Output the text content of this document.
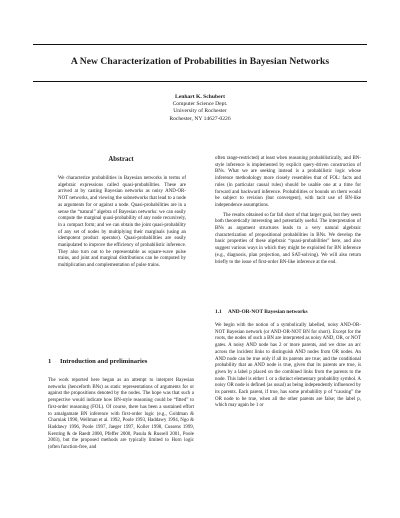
A New Characterization of Probabilities in Bayesian Networks
Lenhart K. Schubert
Computer Science Dept.
University of Rochester
Rochester, NY 14627-0226
Abstract

We characterize probabilities in Bayesian networks in terms of algebraic expressions called quasi-probabilities. These are arrived at by casting Bayesian networks as noisy AND-OR-NOT networks, and viewing the subnetworks that lead to a node as arguments for or against a node. Quasi-probabilities are in a sense the “natural” algebra of Bayesian networks: we can easily compute the marginal quasi-probability of any node recursively, in a compact form; and we can obtain the joint quasi-probability of any set of nodes by multiplying their marginals (using an idempotent product operator). Quasi-probabilities are easily manipulated to improve the efficiency of probabilistic inference. They also turn out to be representable as square-wave pulse trains, and joint and marginal distributions can be computed by multiplication and complementation of pulse trains.

1 Introduction and preliminaries

The work reported here began as an attempt to interpret Bayesian networks (henceforth BNs) as static representations of arguments for or against the propositions denoted by the nodes. The hope was that such a perspective would indicate how BN-style reasoning could be “fitted” to first-order reasoning (FOL). Of course, there has been a sustained effort to amalgamate BN inference with first-order logic (e.g., Goldman & Charniak 1990, Wellman et al. 1992, Poole 1993, Haddawy 1994, Ngo & Haddawy 1996, Poole 1997, Jaeger 1997, Koller 1998, Cussens 1999, Kersting & de Raedt 2000, Pfeffer 2000, Pasula & Russell 2001, Poole 2003), but the proposed methods are typically limited to Horn logic (often function-free, and

often range-restricted) at least when reasoning probabilistically, and BN-style inference is implemented by explicit query-driven construction of BNs. What we are seeking instead is a probabilistic logic whose inference methodology more closely resembles that of FOL: facts and rules (in particular causal rules) should be usable one at a time for forward and backward inference. Probabilities or bounds on them would be subject to revision (but convergent), with tacit use of BN-like independence assumptions.

The results obtained so far fall short of that larger goal, but they seem both theoretically interesting and potentially useful. The interpretation of BNs as argument structures leads to a very natural algebraic characterization of propositional probabilities in BNs. We develop the basic properties of these algebraic “quasi-probabilities” here, and also suggest various ways in which they might be exploited for BN inference (e.g., diagnosis, plan projection, and SAT-solving). We will also return briefly to the issue of first-order BN-like inference at the end.

1.1 AND-OR-NOT Bayesian networks

We begin with the notion of a symbolically labelled, noisy AND-OR-NOT Bayesian network (or AND-OR-NOT BN for short). Except for the roots, the nodes of such a BN are interpreted as noisy AND, OR, or NOT gates. A noisy AND node has 2 or more parents, and we draw an arc across the incident links to distinguish AND nodes from OR nodes. An AND node can be true only if all its parents are true; and the conditional probability that an AND node is true, given that its parents are true, is given by a label p placed on the combined links from the parents to the node. This label is either 1 or a distinct elementary probability symbol. A noisy OR node is defined (as usual) as being independently influenced by its parents. Each parent, if true, has some probability p of “causing” the OR node to be true, when all the other parents are false; the label p, which may again be 1 or
